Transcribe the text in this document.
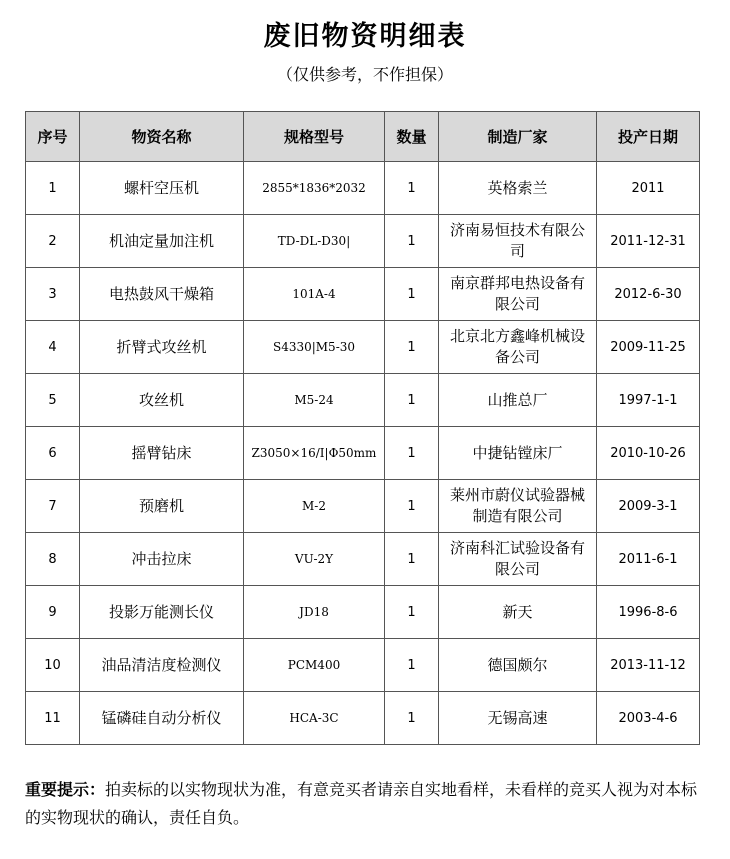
废旧物资明细表
（仅供参考，不作担保）
序号	物资名称	规格型号	数量	制造厂家	投产日期
1	螺杆空压机	2855*1836*2032	1	英格索兰	2011
2	机油定量加注机	TD-DL-D30|	1	济南易恒技术有限公司	2011-12-31
3	电热鼓风干燥箱	101A-4	1	南京群邦电热设备有限公司	2012-6-30
4	折臂式攻丝机	S4330|M5-30	1	北京北方鑫峰机械设备公司	2009-11-25
5	攻丝机	M5-24	1	山推总厂	1997-1-1
6	摇臂钻床	Z3050×16/I|Φ50mm	1	中捷钻镗床厂	2010-10-26
7	预磨机	M-2	1	莱州市蔚仪试验器械制造有限公司	2009-3-1
8	冲击拉床	VU-2Y	1	济南科汇试验设备有限公司	2011-6-1
9	投影万能测长仪	JD18	1	新天	1996-8-6
10	油品清洁度检测仪	PCM400	1	德国颇尔	2013-11-12
11	锰磷硅自动分析仪	HCA-3C	1	无锡高速	2003-4-6
重要提示：拍卖标的以实物现状为准，有意竞买者请亲自实地看样，未看样的竞买人视为对本标的实物现状的确认，责任自负。
